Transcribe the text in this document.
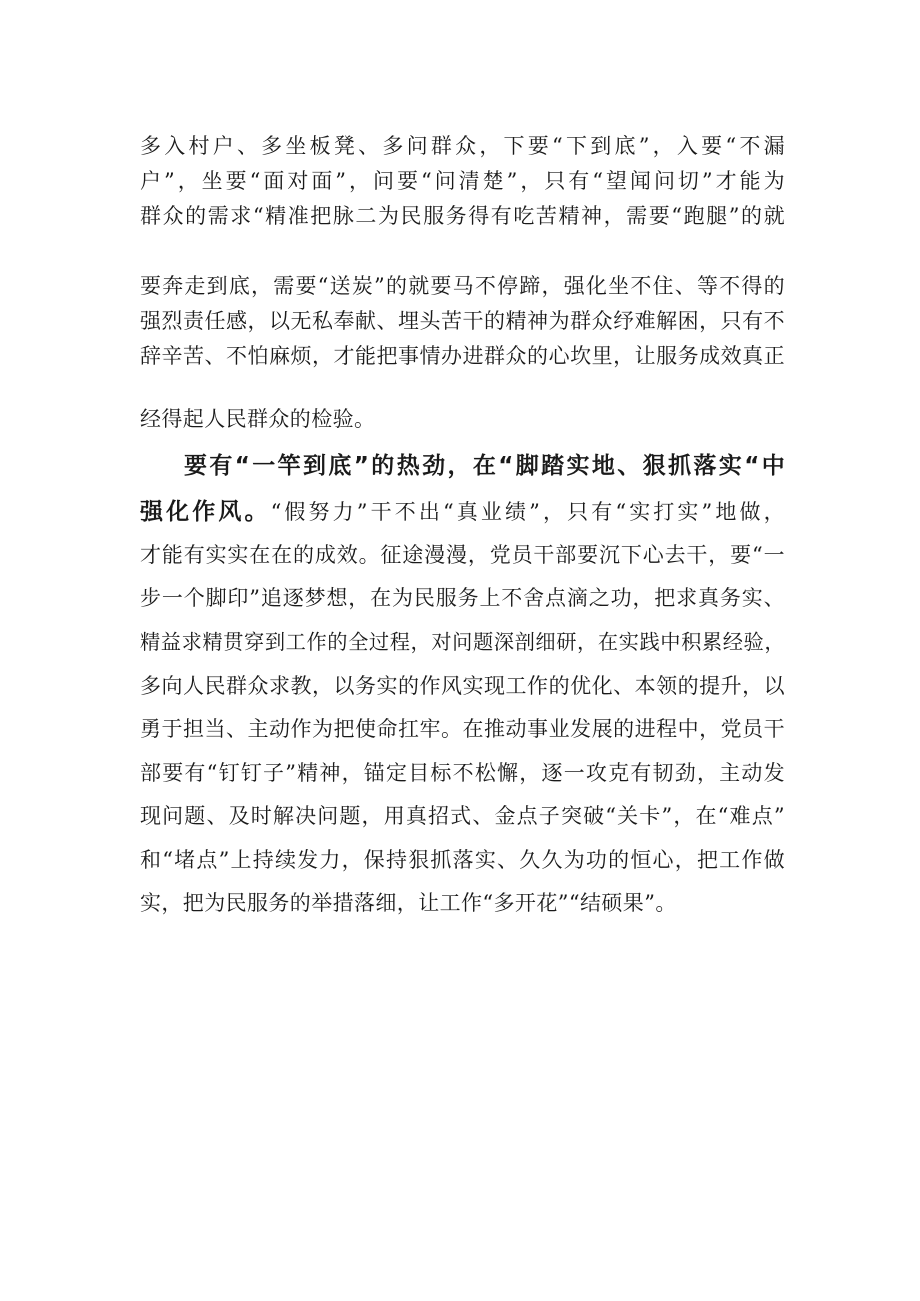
多入村户、多坐板凳、多问群众，下要“下到底”，入要“不漏
户”，坐要“面对面”，问要“问清楚”，只有“望闻问切”才能为
群众的需求“精准把脉二为民服务得有吃苦精神，需要“跑腿”的就
要奔走到底，需要“送炭”的就要马不停蹄，强化坐不住、等不得的
强烈责任感，以无私奉献、埋头苦干的精神为群众纾难解困，只有不
辞辛苦、不怕麻烦，才能把事情办进群众的心坎里，让服务成效真正
经得起人民群众的检验。
要有“一竿到底”的热劲，在“脚踏实地、狠抓落实“中
强化作风。“假努力”干不出“真业绩”，只有“实打实”地做，
才能有实实在在的成效。征途漫漫，党员干部要沉下心去干，要“一
步一个脚印”追逐梦想，在为民服务上不舍点滴之功，把求真务实、
精益求精贯穿到工作的全过程，对问题深剖细研，在实践中积累经验，
多向人民群众求教，以务实的作风实现工作的优化、本领的提升，以
勇于担当、主动作为把使命扛牢。在推动事业发展的进程中，党员干
部要有“钉钉子”精神，锚定目标不松懈，逐一攻克有韧劲，主动发
现问题、及时解决问题，用真招式、金点子突破“关卡”，在“难点”
和“堵点”上持续发力，保持狠抓落实、久久为功的恒心，把工作做
实，把为民服务的举措落细，让工作“多开花”“结硕果”。
